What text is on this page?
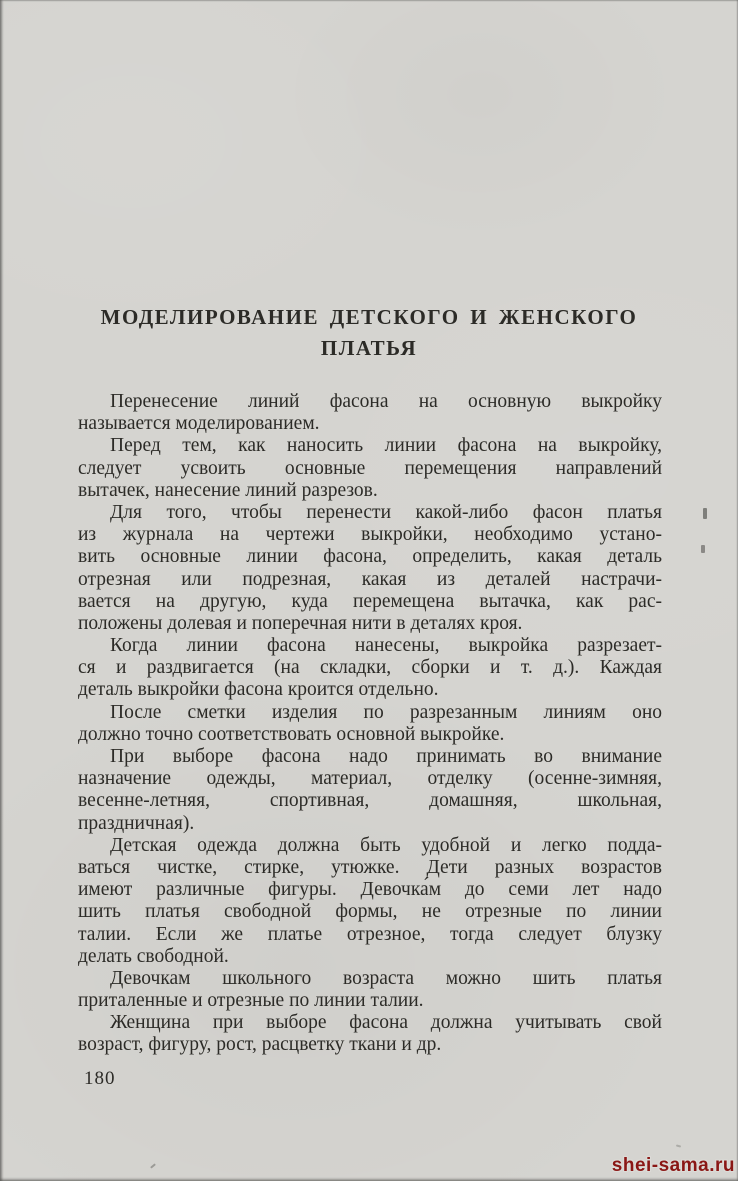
МОДЕЛИРОВАНИЕ ДЕТСКОГО И ЖЕНСКОГО
ПЛАТЬЯ

Перенесение линий фасона на основную выкройку
называется моделированием.

Перед тем, как наносить линии фасона на выкройку,
следует усвоить основные перемещения направлений
вытачек, нанесение линий разрезов.

Для того, чтобы перенести какой-либо фасон платья
из журнала на чертежи выкройки, необходимо устано-
вить основные линии фасона, определить, какая деталь
отрезная или подрезная, какая из деталей настрачи-
вается на другую, куда перемещена вытачка, как рас-
положены долевая и поперечная нити в деталях кроя.

Когда линии фасона нанесены, выкройка разрезает-
ся и раздвигается (на складки, сборки и т. д.). Каждая
деталь выкройки фасона кроится отдельно.

После сметки изделия по разрезанным линиям оно
должно точно соответствовать основной выкройке.

При выборе фасона надо принимать во внимание
назначение одежды, материал, отделку (осенне-зимняя,
весенне-летняя, спортивная, домашняя, школьная,
праздничная).

Детская одежда должна быть удобной и легко подда-
ваться чистке, стирке, утюжке. Дети разных возрастов
имеют различные фигуры. Девочка́м до семи лет надо
шить платья свободной формы, не отрезные по линии
талии. Если же платье отрезное, тогда следует блузку
делать свободной.

Девочкам школьного возраста можно шить платья
приталенные и отрезные по линии талии.

Женщина при выборе фасона должна учитывать свой
возраст, фигуру, рост, расцветку ткани и др.

180
shei-sama.ru
